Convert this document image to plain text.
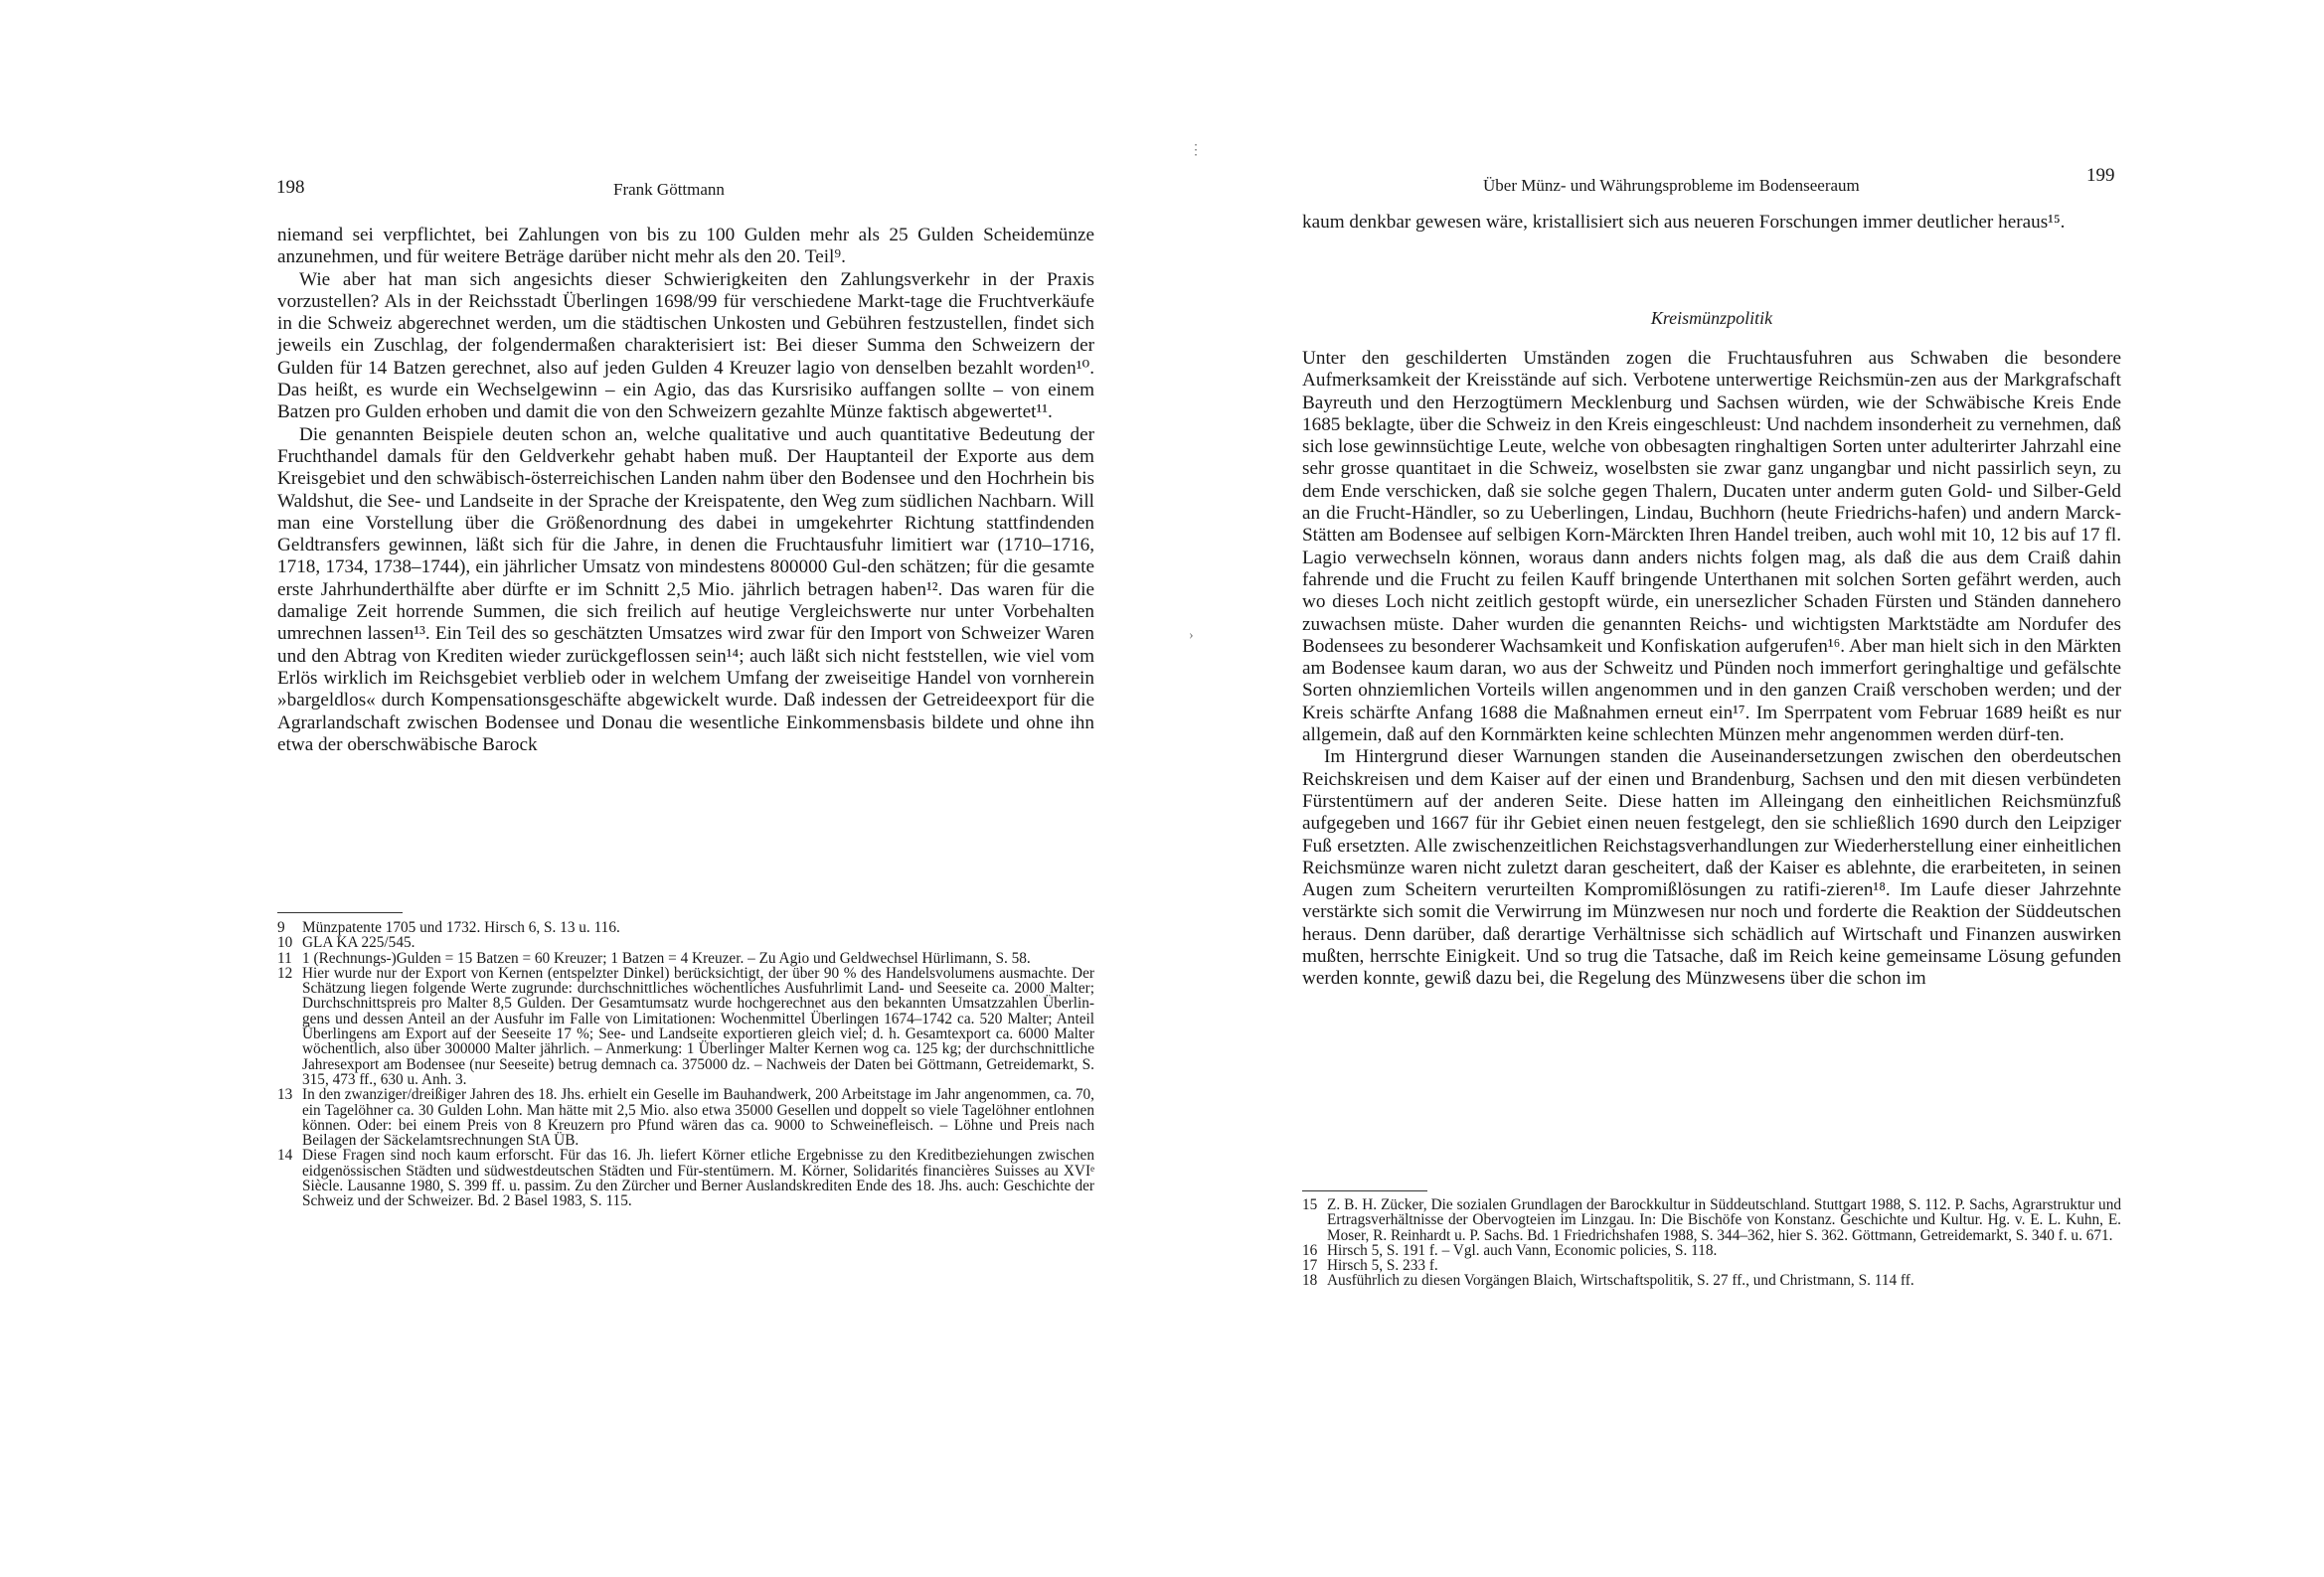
198	Frank Göttmann

niemand sei verpflichtet, bei Zahlungen von bis zu 100 Gulden mehr als 25 Gulden Scheidemünze anzunehmen, und für weitere Beträge darüber nicht mehr als den 20. Teil⁹.

Wie aber hat man sich angesichts dieser Schwierigkeiten den Zahlungsverkehr in der Praxis vorzustellen? Als in der Reichsstadt Überlingen 1698/99 für verschiedene Markt-tage die Fruchtverkäufe in die Schweiz abgerechnet werden, um die städtischen Unkosten und Gebühren festzustellen, findet sich jeweils ein Zuschlag, der folgendermaßen charakterisiert ist: Bei dieser Summa den Schweizern der Gulden für 14 Batzen gerechnet, also auf jeden Gulden 4 Kreuzer lagio von denselben bezahlt worden¹⁰. Das heißt, es wurde ein Wechselgewinn – ein Agio, das das Kursrisiko auffangen sollte – von einem Batzen pro Gulden erhoben und damit die von den Schweizern gezahlte Münze faktisch abgewertet¹¹.

Die genannten Beispiele deuten schon an, welche qualitative und auch quantitative Bedeutung der Fruchthandel damals für den Geldverkehr gehabt haben muß. Der Hauptanteil der Exporte aus dem Kreisgebiet und den schwäbisch-österreichischen Landen nahm über den Bodensee und den Hochrhein bis Waldshut, die See- und Landseite in der Sprache der Kreispatente, den Weg zum südlichen Nachbarn. Will man eine Vorstellung über die Größenordnung des dabei in umgekehrter Richtung stattfindenden Geldtransfers gewinnen, läßt sich für die Jahre, in denen die Fruchtausfuhr limitiert war (1710–1716, 1718, 1734, 1738–1744), ein jährlicher Umsatz von mindestens 800000 Gul-den schätzen; für die gesamte erste Jahrhunderthälfte aber dürfte er im Schnitt 2,5 Mio. jährlich betragen haben¹². Das waren für die damalige Zeit horrende Summen, die sich freilich auf heutige Vergleichswerte nur unter Vorbehalten umrechnen lassen¹³. Ein Teil des so geschätzten Umsatzes wird zwar für den Import von Schweizer Waren und den Abtrag von Krediten wieder zurückgeflossen sein¹⁴; auch läßt sich nicht feststellen, wie viel vom Erlös wirklich im Reichsgebiet verblieb oder in welchem Umfang der zweiseitige Handel von vornherein »bargeldlos« durch Kompensationsgeschäfte abgewickelt wurde. Daß indessen der Getreideexport für die Agrarlandschaft zwischen Bodensee und Donau die wesentliche Einkommensbasis bildete und ohne ihn etwa der oberschwäbische Barock

9	Münzpatente 1705 und 1732. Hirsch 6, S. 13 u. 116.
10 GLA KA 225/545.
11 1 (Rechnungs-)Gulden = 15 Batzen = 60 Kreuzer; 1 Batzen = 4 Kreuzer. – Zu Agio und Geldwechsel Hürlimann, S. 58.
12 Hier wurde nur der Export von Kernen (entspelzter Dinkel) berücksichtigt, der über 90 % des Handelsvolumens ausmachte. Der Schätzung liegen folgende Werte zugrunde: durchschnittliches wöchentliches Ausfuhrlimit Land- und Seeseite ca. 2000 Malter; Durchschnittspreis pro Malter 8,5 Gulden. Der Gesamtumsatz wurde hochgerechnet aus den bekannten Umsatzzahlen Überlin-gens und dessen Anteil an der Ausfuhr im Falle von Limitationen: Wochenmittel Überlingen 1674–1742 ca. 520 Malter; Anteil Überlingens am Export auf der Seeseite 17 %; See- und Landseite exportieren gleich viel; d. h. Gesamtexport ca. 6000 Malter wöchentlich, also über 300000 Malter jährlich. – Anmerkung: 1 Überlinger Malter Kernen wog ca. 125 kg; der durchschnittliche Jahresexport am Bodensee (nur Seeseite) betrug demnach ca. 375000 dz. – Nachweis der Daten bei Göttmann, Getreidemarkt, S. 315, 473 ff., 630 u. Anh. 3.
13 In den zwanziger/dreißiger Jahren des 18. Jhs. erhielt ein Geselle im Bauhandwerk, 200 Arbeitstage im Jahr angenommen, ca. 70, ein Tagelöhner ca. 30 Gulden Lohn. Man hätte mit 2,5 Mio. also etwa 35000 Gesellen und doppelt so viele Tagelöhner entlohnen können. Oder: bei einem Preis von 8 Kreuzern pro Pfund wären das ca. 9000 to Schweinefleisch. – Löhne und Preis nach Beilagen der Säckelamtsrechnungen StA ÜB.
14 Diese Fragen sind noch kaum erforscht. Für das 16. Jh. liefert Körner etliche Ergebnisse zu den Kreditbeziehungen zwischen eidgenössischen Städten und südwestdeutschen Städten und Für-stentümern. M. Körner, Solidarités financières Suisses au XVIᵉ Siècle. Lausanne 1980, S. 399 ff. u. passim. Zu den Zürcher und Berner Auslandskrediten Ende des 18. Jhs. auch: Geschichte der Schweiz und der Schweizer. Bd. 2 Basel 1983, S. 115.
⋮
›
Über Münz- und Währungsprobleme im Bodenseeraum	199

kaum denkbar gewesen wäre, kristallisiert sich aus neueren Forschungen immer deutlicher heraus¹⁵.

Kreismünzpolitik

Unter den geschilderten Umständen zogen die Fruchtausfuhren aus Schwaben die besondere Aufmerksamkeit der Kreisstände auf sich. Verbotene unterwertige Reichsmün-zen aus der Markgrafschaft Bayreuth und den Herzogtümern Mecklenburg und Sachsen würden, wie der Schwäbische Kreis Ende 1685 beklagte, über die Schweiz in den Kreis eingeschleust: Und nachdem insonderheit zu vernehmen, daß sich lose gewinnsüchtige Leute, welche von obbesagten ringhaltigen Sorten unter adulterirter Jahrzahl eine sehr grosse quantitaet in die Schweiz, woselbsten sie zwar ganz ungangbar und nicht passirlich seyn, zu dem Ende verschicken, daß sie solche gegen Thalern, Ducaten unter anderm guten Gold- und Silber-Geld an die Frucht-Händler, so zu Ueberlingen, Lindau, Buchhorn (heute Friedrichs-hafen) und andern Marck-Stätten am Bodensee auf selbigen Korn-Märckten Ihren Handel treiben, auch wohl mit 10, 12 bis auf 17 fl. Lagio verwechseln können, woraus dann anders nichts folgen mag, als daß die aus dem Craiß dahin fahrende und die Frucht zu feilen Kauff bringende Unterthanen mit solchen Sorten gefährt werden, auch wo dieses Loch nicht zeitlich gestopft würde, ein unersezlicher Schaden Fürsten und Ständen dannehero zuwachsen müste. Daher wurden die genannten Reichs- und wichtigsten Marktstädte am Nordufer des Bodensees zu besonderer Wachsamkeit und Konfiskation aufgerufen¹⁶. Aber man hielt sich in den Märkten am Bodensee kaum daran, wo aus der Schweitz und Pünden noch immerfort geringhaltige und gefälschte Sorten ohnziemlichen Vorteils willen angenommen und in den ganzen Craiß verschoben werden; und der Kreis schärfte Anfang 1688 die Maßnahmen erneut ein¹⁷. Im Sperrpatent vom Februar 1689 heißt es nur allgemein, daß auf den Kornmärkten keine schlechten Münzen mehr angenommen werden dürf-ten.

Im Hintergrund dieser Warnungen standen die Auseinandersetzungen zwischen den oberdeutschen Reichskreisen und dem Kaiser auf der einen und Brandenburg, Sachsen und den mit diesen verbündeten Fürstentümern auf der anderen Seite. Diese hatten im Alleingang den einheitlichen Reichsmünzfuß aufgegeben und 1667 für ihr Gebiet einen neuen festgelegt, den sie schließlich 1690 durch den Leipziger Fuß ersetzten. Alle zwischenzeitlichen Reichstagsverhandlungen zur Wiederherstellung einer einheitlichen Reichsmünze waren nicht zuletzt daran gescheitert, daß der Kaiser es ablehnte, die erarbeiteten, in seinen Augen zum Scheitern verurteilten Kompromißlösungen zu ratifi-zieren¹⁸. Im Laufe dieser Jahrzehnte verstärkte sich somit die Verwirrung im Münzwesen nur noch und forderte die Reaktion der Süddeutschen heraus. Denn darüber, daß derartige Verhältnisse sich schädlich auf Wirtschaft und Finanzen auswirken mußten, herrschte Einigkeit. Und so trug die Tatsache, daß im Reich keine gemeinsame Lösung gefunden werden konnte, gewiß dazu bei, die Regelung des Münzwesens über die schon im

15 Z. B. H. Zücker, Die sozialen Grundlagen der Barockkultur in Süddeutschland. Stuttgart 1988, S. 112. P. Sachs, Agrarstruktur und Ertragsverhältnisse der Obervogteien im Linzgau. In: Die Bischöfe von Konstanz. Geschichte und Kultur. Hg. v. E. L. Kuhn, E. Moser, R. Reinhardt u. P. Sachs. Bd. 1 Friedrichshafen 1988, S. 344–362, hier S. 362. Göttmann, Getreidemarkt, S. 340 f. u. 671.
16 Hirsch 5, S. 191 f. – Vgl. auch Vann, Economic policies, S. 118.
17 Hirsch 5, S. 233 f.
18 Ausführlich zu diesen Vorgängen Blaich, Wirtschaftspolitik, S. 27 ff., und Christmann, S. 114 ff.
